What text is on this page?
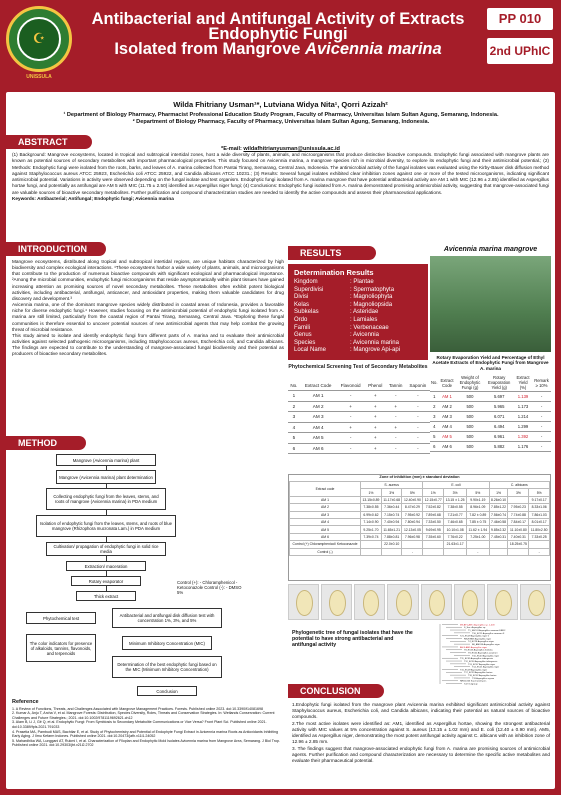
☪
UNISSULA
Antibacterial and Antifungal Activity of Extracts
Endophytic Fungi
Isolated from Mangrove Avicennia marina
PP 010
2nd UPhIC
Wilda Fhitriany Usman¹*, Lutviana Widya Nita¹, Qorri Azizah²
¹ Department of Biology Pharmacy, Pharmacist Professional Education Study Program, Faculty of Pharmacy, Universitas Islam Sultan Agung, Semarang, Indonesia.
² Department of Biology Pharmacy, Faculty of Pharmacy, Universitas Islam Sultan Agung, Semarang, Indonesia.
*E-mail: wildafhitrianyusman@unissula.ac.id
ABSTRACT
(1) Background: Mangrove ecosystems, located in tropical and subtropical intertidal zones, host a wide diversity of plants, animals, and microorganisms that produce distinctive bioactive compounds. Endophytic fungi associated with mangrove plants are known as potential sources of secondary metabolites with important pharmacological properties. This study focused on Avicennia marina, a mangrove species rich in microbial diversity, to explore its endophytic fungi and their antimicrobial potential.; (2) Methods: Endophytic fungi were isolated from the roots, barks, and leaves of A. marina collected from Pantai Tirang, Semarang, Central Java, Indonesia. The antimicrobial activity of the fungal isolates was evaluated using the Kirby-Bauer disk diffusion method against Staphylococcus aureus ATCC 25923, Escherichia coli ATCC 25922, and Candida albicans ATCC 10231.; (3) Results: Several fungal isolates exhibited clear inhibition zones against one or more of the tested microorganisms, indicating significant antimicrobial potential. Variations in activity were observed depending on the fungal isolate and test organism. Endophytic fungi isolated from A. marina mangrove that have potential antibacterial activity are AM 1 with MIC (12.96 ± 2.85) identified as Aspergillus hortae fungi, and potentially as antifungal are AM 5 with MIC (11.75 ± 2.50) identified as Aspergillus niger fungi; (4) Conclusions: Endophytic fungi isolated from A. marina demonstrated promising antimicrobial activity, suggesting that mangrove-associated fungi are valuable sources of bioactive secondary metabolites. Further purification and compound characterization studies are needed to identify the active compounds and assess their pharmaceutical applications.
Keywords: Antibacterial; Antifungal; Endophytic fungi; Avicennia marina
INTRODUCTION

Mangrove ecosystems, distributed along tropical and subtropical intertidal regions, are unique habitats characterized by high biodiversity and complex ecological interactions. ¹These ecosystems harbor a wide variety of plants, animals, and microorganisms that contribute to the production of numerous bioactive compounds with significant ecological and pharmacological importance. ²Among the microbial communities, endophytic fungi microorganisms that reside asymptomatically within plant tissues have gained increasing attention as promising sources of novel secondary metabolites. These metabolites often exhibit potent biological activities, including antibacterial, antifungal, anticancer, and antioxidant properties, making them valuable candidates for drug discovery and development.³

Avicennia marina, one of the dominant mangrove species widely distributed in coastal areas of Indonesia, provides a favorable niche for diverse endophytic fungi.⁴ However, studies focusing on the antimicrobial potential of endophytic fungi isolated from A. marina are still limited, particularly from the coastal region of Pantai Tirang, Semarang, Central Java. ⁵Exploring these fungal communities is therefore essential to uncover potential sources of new antimicrobial agents that may help combat the growing threat of microbial resistance.

This study aimed to isolate and identify endophytic fungi from different parts of A. marina and to evaluate their antimicrobial activities against selected pathogenic microorganisms, including Staphylococcus aureus, Escherichia coli, and Candida albicans. The findings are expected to contribute to the understanding of mangrove-associated fungal biodiversity and their potential as producers of bioactive secondary metabolites.

METHOD
Mangrove (Avicennia marina) plant
Mangrove (Avicennia marina) plant determination
Collecting endophytic fungi from the leaves, stems, and roots of mangrove (Avicennia marina) in PDA medium
Isolation of endophytic fungi from the leaves, stems, and roots of blue mangrove (Rhizophora mucronata Lam.) in PDA medium
Cultivation/ propagation of endophytic fungi in solid rice media
Extraction/ maceration
Rotary evaporator
Thick extract
Control (+): - Chloramphenicol - Ketoconazole Control (-): - DMSO 5%
Phytochemical test	Antibacterial and antifungal disk diffusion test with concentration 1%, 3%, and 5%
The color indicators for presence of alkaloids, tannins, flavonoids, and terpenoids
Minimum Inhibitory Concentration (MIC)
Determination of the best endophytic fungi based on the MIC (Minimum Inhibitory Concentration)
Conclusion
Reference
1. A Review of Functions, Threats, and Challenges Associated with Mangrove Management Practices. Forests. Published online 2023. doi:10.3390/f14081698
2. Kumar A, Anju T, Archa V, et al. Mangrove Forests: Distribution, Species Diversity, Roles, Threats and Conservation Strategies. In: Wetlands Conservation: Current Challenges and Future Strategies.; 2021. doi:10.1002/9781119692621.ch12
3. Alam B, Li J, Gê Q, et al. Endophytic Fungi: From Symbiosis to Secondary Metabolite Communications or Vice Versa? Front Plant Sci. Published online 2021. doi:10.3389/fpls.2021.791033
4. Prasetia MA, Pambudi MAS, Bachtiar E, et al. Study of Phytochemistry and Potential of Endophyte Fungi Extract in Avicennia marina Roots as Antioxidants Inhibiting Early Aging. J Ilmu Kefarm Indones. Published online 2021. doi:10.20473/jafh.v11i1.24052
5. Mahardhika WA, Lunggani AT, Rukmi I, et al. Characterization of Filoplan and Endophytic Mold Isolates Avicennia marina from Mangrove Area, Semarang. J Biol Trop. Published online 2021. doi:10.29303/jbt.v21i2.2702
RESULTS
Determination Results
Kingdom	: Plantae
Superdivisi	: Spermatophyta
Divisi	: Magnoliophyta
Kelas	: Magnoliopsida
Subkelas	: Asteridae
Ordo	: Lamiales
Famili	: Verbenaceae
Genus	: Avicennia
Species	: Avicennia marina
Local Name	: Mangrove Api-api
Avicennia marina mangrove
Rotary Evaporation Yield and Percentage of Ethyl Acetate Extracts of Endophytic Fungi from Mangrove A. marina
Phytochemical Screening Test of Secondary Metabolites
No.	Extract Code	Flavonoid	Phenol	Tannin	Saponin
1	AM 1	-	+	-	-
2	AM 2	+	+	+	-
3	AM 3	-	+	-	-
4	AM 4	+	+	+	-
5	AM 5	-	+	-	-
6	AM 6	-	+	-	-
No.	Extract Code	Weight of Endophytic Fungi (g)	Rotary Evaporation Yield (g)	Extract Yield (%)	Remark ≥ 10%
1	AM 1	500	5.697	1.139	-
2	AM 2	500	5.965	1.173	-
3	AM 3	500	6.071	1.214	-
4	AM 4	500	6.494	1.299	-
5	AM 5	500	6.961	1.392	-
6	AM 6	500	5.882	1.176	-
Zone of inhibition (mm) ± standard deviation
Extract code	S. aureus			E. coli			C. albicans		
	1%	3%	5%	1%	3%	5%	1%	3%	5%
AM 1	13.15±0.89	11.17±0.68	12.40±0.90	12.15±0.77	13.15 ± 1.25	9.90±1.19	8.26±0.10		9.17±0.17
AM 2	7.38±0.55	7.36±0.44	8.47±0.29	7.52±0.82	7.38±0.55	8.96±1.09	7.85±1.22	7.95±0.23	8.33±1.06
AM 3	6.99±0.62	7.15±0.74	7.95±0.92	7.89±0.68	7.21±0.77	7.82 ± 0.89	7.56±0.74	7.74±0.88	7.86±1.03
AM 4	7.14±0.90	7.40±0.94	7.80±0.94	7.33±0.50	7.46±0.65	7.85 ± 0.75	7.46±0.58	7.84±0.17	8.01±0.17
AM 5	9.25±1.70	11.65±1.21	12.13±0.05	9.69±0.95	10.10±1.08	11.62 ± 1.94	9.85±2.32	11.10±0.80	11.80±2.50
AM 6	7.39±0.74	7.88±0.81	7.96±0.98	7.35±0.60	7.76±0.22	7.25±1.00	7.45±0.31	7.40±0.31	7.33±0.25
Control (+) Chloramphenicol/ Ketoconazole		22.0±0.10			21.63±1.17			18.25±0.75	
Control (-)			-			-			-
Phylogenetic tree of fungal isolates that have the potential to have strong antibacterial and antifungal activity
MS AF1-AM 1 Aspergillus sp. 1-003
S_Sac. Aspergillus sp.
T1_SEC01 Aspergillus awamori EBRC
T16_EC11 Aspergillus awamori F
T21_EC09 Aspergillus niger 5
R8UKNNX Aspergillus niger
T4_EC28 Aspergillus niger
B6_AMC06 Aspergillus niger
AM 5-AM5 Aspergillus niger
T8_EC55 Aspergillus foetidus
T9_EC62 Aspergillus awamori
T10_EC43 Aspergillus niger
T11_EC55 Aspergillus tubingensis
T12_EC50 Aspergillus tubingensis
T13_EC07 Aspergillus niger
T14_EC21 Aspergillus niger
T15_EC09 Aspergillus niger
T17_EC33 Aspergillus hortae
T18_EC02 Aspergillus hortae
T19 Aspergillus oryzae
NR111065 Saccharomyces
T22 Outgroup
CONCLUSION

1.Endophytic fungi isolated from the mangrove plant Avicennia marina exhibited significant antimicrobial activity against Staphylococcus aureus, Escherichia coli, and Candida albicans, indicating their potential as natural sources of bioactive compounds.

2.The most active isolates were identified as: AM1, identified as Aspergillus hortae, showing the strongest antibacterial activity with MIC values at 5% concentration against S. aureus (13.15 ± 1.02 mm) and E. coli (12.40 ± 0.90 mm). AM5, identified as Aspergillus niger, demonstrating the most potent antifungal activity against C. albicans with an inhibition zone of 12.96 ± 2.85 mm.

3. The findings suggest that mangrove-associated endophytic fungi from A. marina are promising sources of antimicrobial agents. Further purification and compound characterization are necessary to determine the specific active metabolites and evaluate their pharmaceutical potential.
